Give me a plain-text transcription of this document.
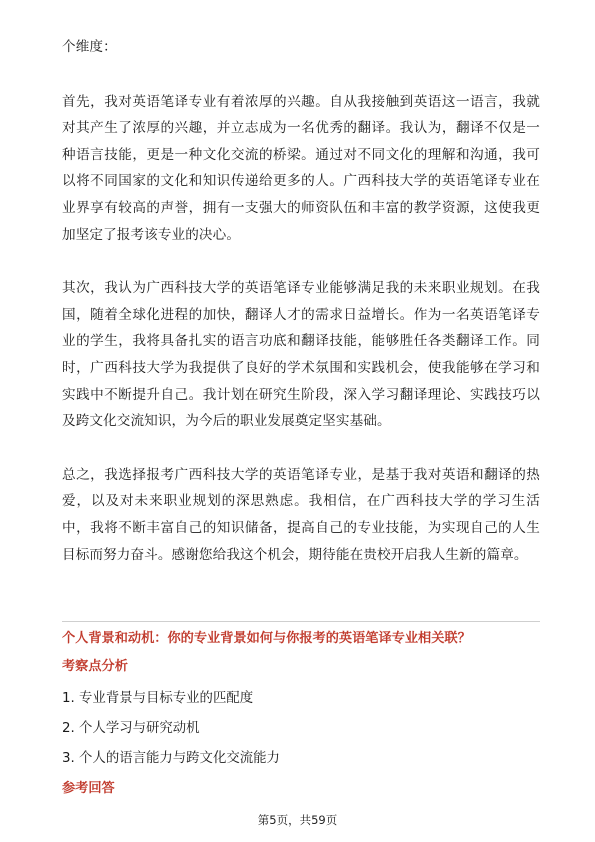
个维度：

首先，我对英语笔译专业有着浓厚的兴趣。自从我接触到英语这一语言，我就对其产生了浓厚的兴趣，并立志成为一名优秀的翻译。我认为，翻译不仅是一种语言技能，更是一种文化交流的桥梁。通过对不同文化的理解和沟通，我可以将不同国家的文化和知识传递给更多的人。广西科技大学的英语笔译专业在业界享有较高的声誉，拥有一支强大的师资队伍和丰富的教学资源，这使我更加坚定了报考该专业的决心。

其次，我认为广西科技大学的英语笔译专业能够满足我的未来职业规划。在我国，随着全球化进程的加快，翻译人才的需求日益增长。作为一名英语笔译专业的学生，我将具备扎实的语言功底和翻译技能，能够胜任各类翻译工作。同时，广西科技大学为我提供了良好的学术氛围和实践机会，使我能够在学习和实践中不断提升自己。我计划在研究生阶段，深入学习翻译理论、实践技巧以及跨文化交流知识，为今后的职业发展奠定坚实基础。

总之，我选择报考广西科技大学的英语笔译专业，是基于我对英语和翻译的热爱，以及对未来职业规划的深思熟虑。我相信，在广西科技大学的学习生活中，我将不断丰富自己的知识储备，提高自己的专业技能，为实现自己的人生目标而努力奋斗。感谢您给我这个机会，期待能在贵校开启我人生新的篇章。

个人背景和动机：你的专业背景如何与你报考的英语笔译专业相关联？

考察点分析

1. 专业背景与目标专业的匹配度
2. 个人学习与研究动机
3. 个人的语言能力与跨文化交流能力

参考回答

第5页，共59页
